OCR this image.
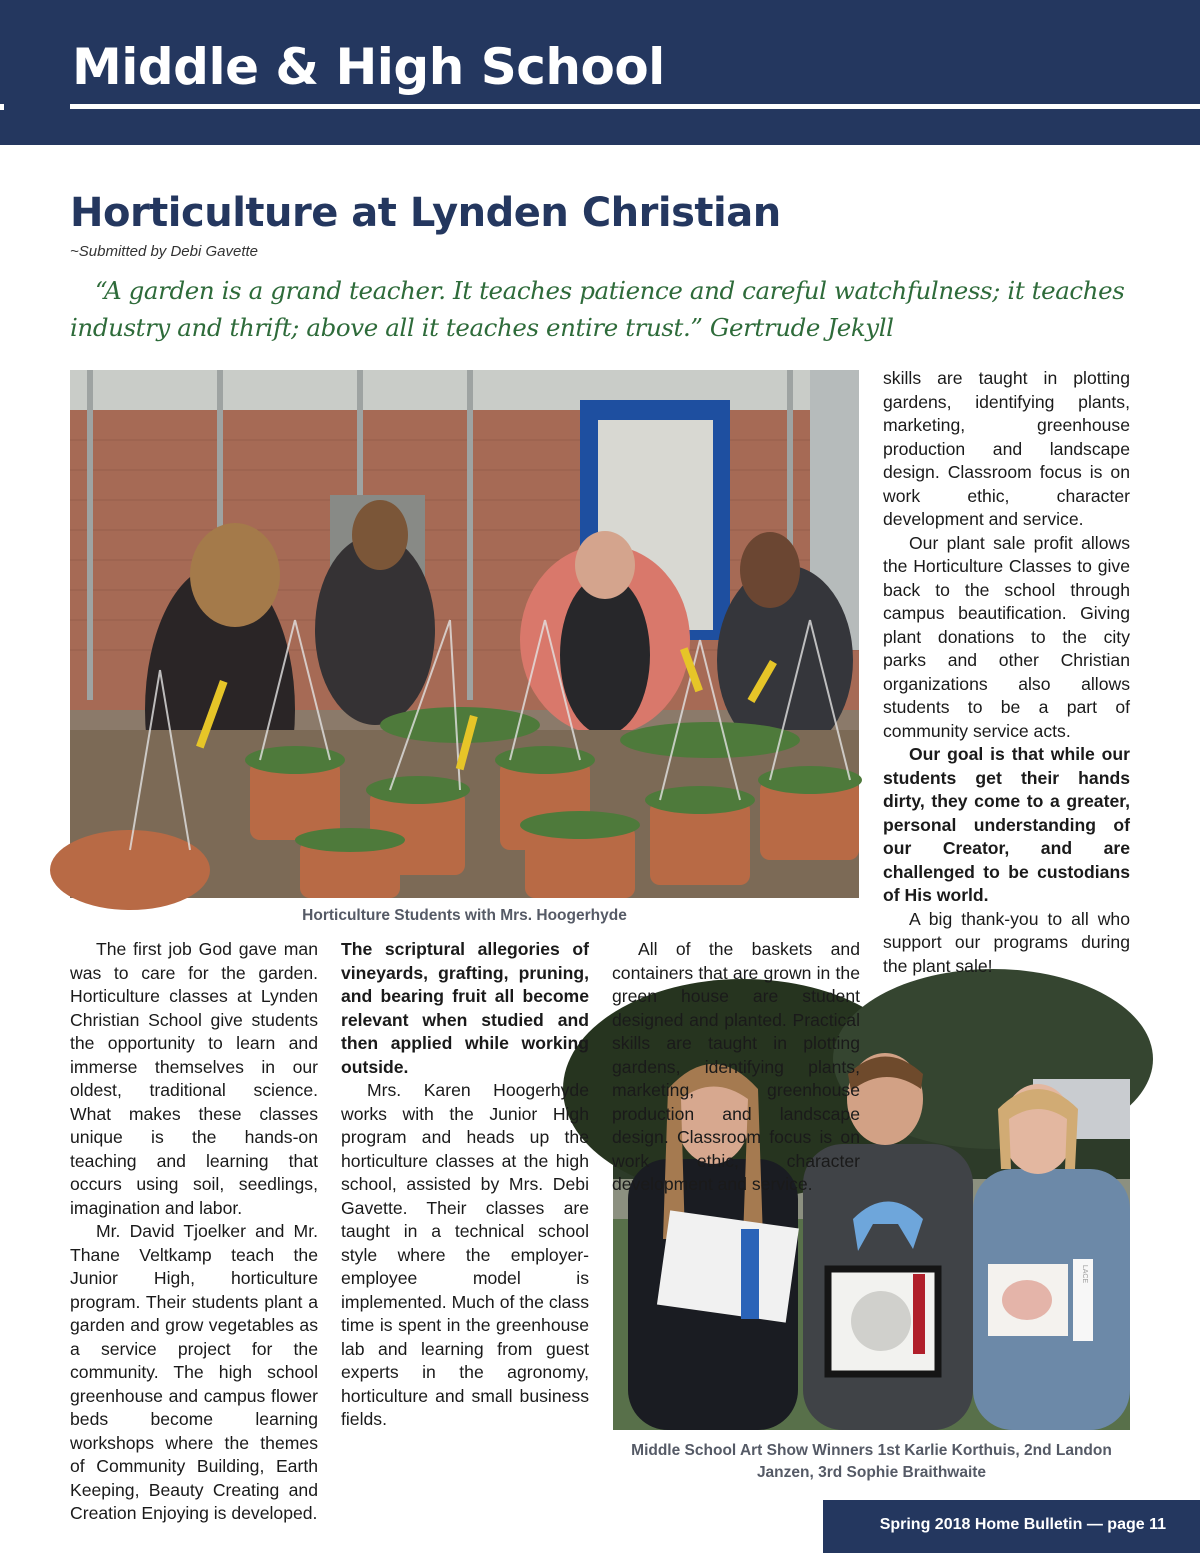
Middle & High School
Horticulture at Lynden Christian
~Submitted by Debi Gavette

“A garden is a grand teacher. It teaches patience and careful watchfulness; it teaches industry and thrift; above all it teaches entire trust.” Gertrude Jekyll

Horticulture Students with Mrs. Hoogerhyde
LACE
Middle School Art Show Winners 1st Karlie Korthuis, 2nd Landon Janzen, 3rd Sophie Braithwaite

The first job God gave man was to care for the garden. Horticulture classes at Lynden Christian School give students the opportunity to learn and immerse themselves in our oldest, traditional science. What makes these classes unique is the hands-on teaching and learning that occurs using soil, seedlings, imagination and labor.

Mr. David Tjoelker and Mr. Thane Veltkamp teach the Junior High, horticulture program. Their students plant a garden and grow vegetables as a service project for the community. The high school greenhouse and campus flower beds become learning workshops where the themes of Community Building, Earth Keeping, Beauty Creating and Creation Enjoying is developed.

The scriptural allegories of vineyards, grafting, pruning, and bearing fruit all become relevant when studied and then applied while working outside.

Mrs. Karen Hoogerhyde works with the Junior High program and heads up the horticulture classes at the high school, assisted by Mrs. Debi Gavette. Their classes are taught in a technical school style where the employer-employee model is implemented. Much of the class time is spent in the greenhouse lab and learning from guest experts in the agronomy, horticulture and small business fields.

All of the baskets and containers that are grown in the green house are student designed and planted. Practical skills are taught in plotting gardens, identifying plants, marketing, greenhouse production and landscape design. Classroom focus is on work ethic, character development and service.

skills are taught in plotting gardens, identifying plants, marketing, greenhouse production and landscape design. Classroom focus is on work ethic, character development and service.

Our plant sale profit allows the Horticulture Classes to give back to the school through campus beautification. Giving plant donations to the city parks and other Christian organizations also allows students to be a part of community service acts.

Our goal is that while our students get their hands dirty, they come to a greater, personal understanding of our Creator, and are challenged to be custodians of His world.

A big thank-you to all who support our programs during the plant sale!

Spring 2018 Home Bulletin — page 11
